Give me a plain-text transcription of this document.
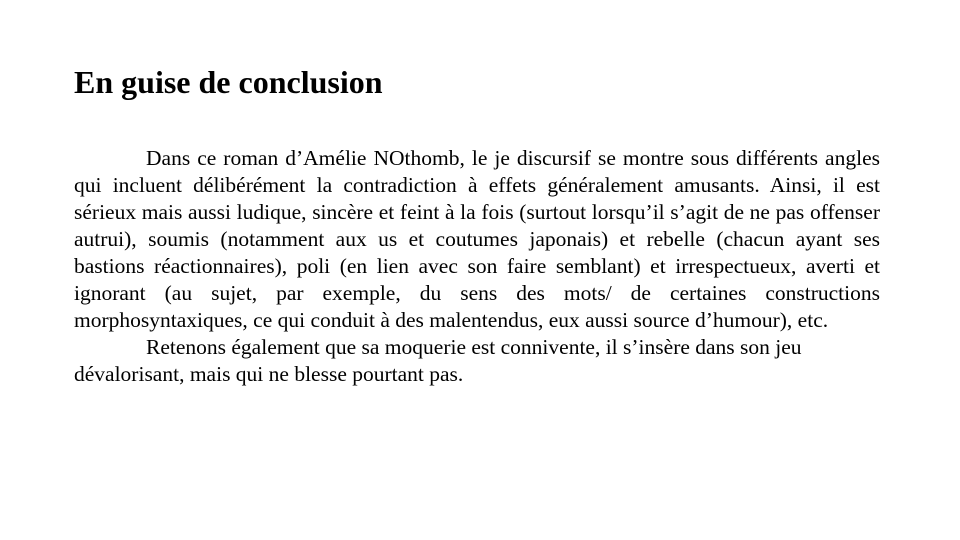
En guise de conclusion

Dans ce roman d’Amélie NOthomb, le je discursif se montre sous différents angles qui incluent délibérément la contradiction à effets généralement amusants. Ainsi, il est sérieux mais aussi ludique, sincère et feint à la fois (surtout lorsqu’il s’agit de ne pas offenser autrui), soumis (notamment aux us et coutumes japonais) et rebelle (chacun ayant ses bastions réactionnaires), poli (en lien avec son faire semblant) et irrespectueux, averti et ignorant (au sujet, par exemple, du sens des mots/ de certaines constructions morphosyntaxiques, ce qui conduit à des malentendus, eux aussi source d’humour), etc.

Retenons également que sa moquerie est connivente, il s’insère dans son jeu dévalorisant, mais qui ne blesse pourtant pas.
